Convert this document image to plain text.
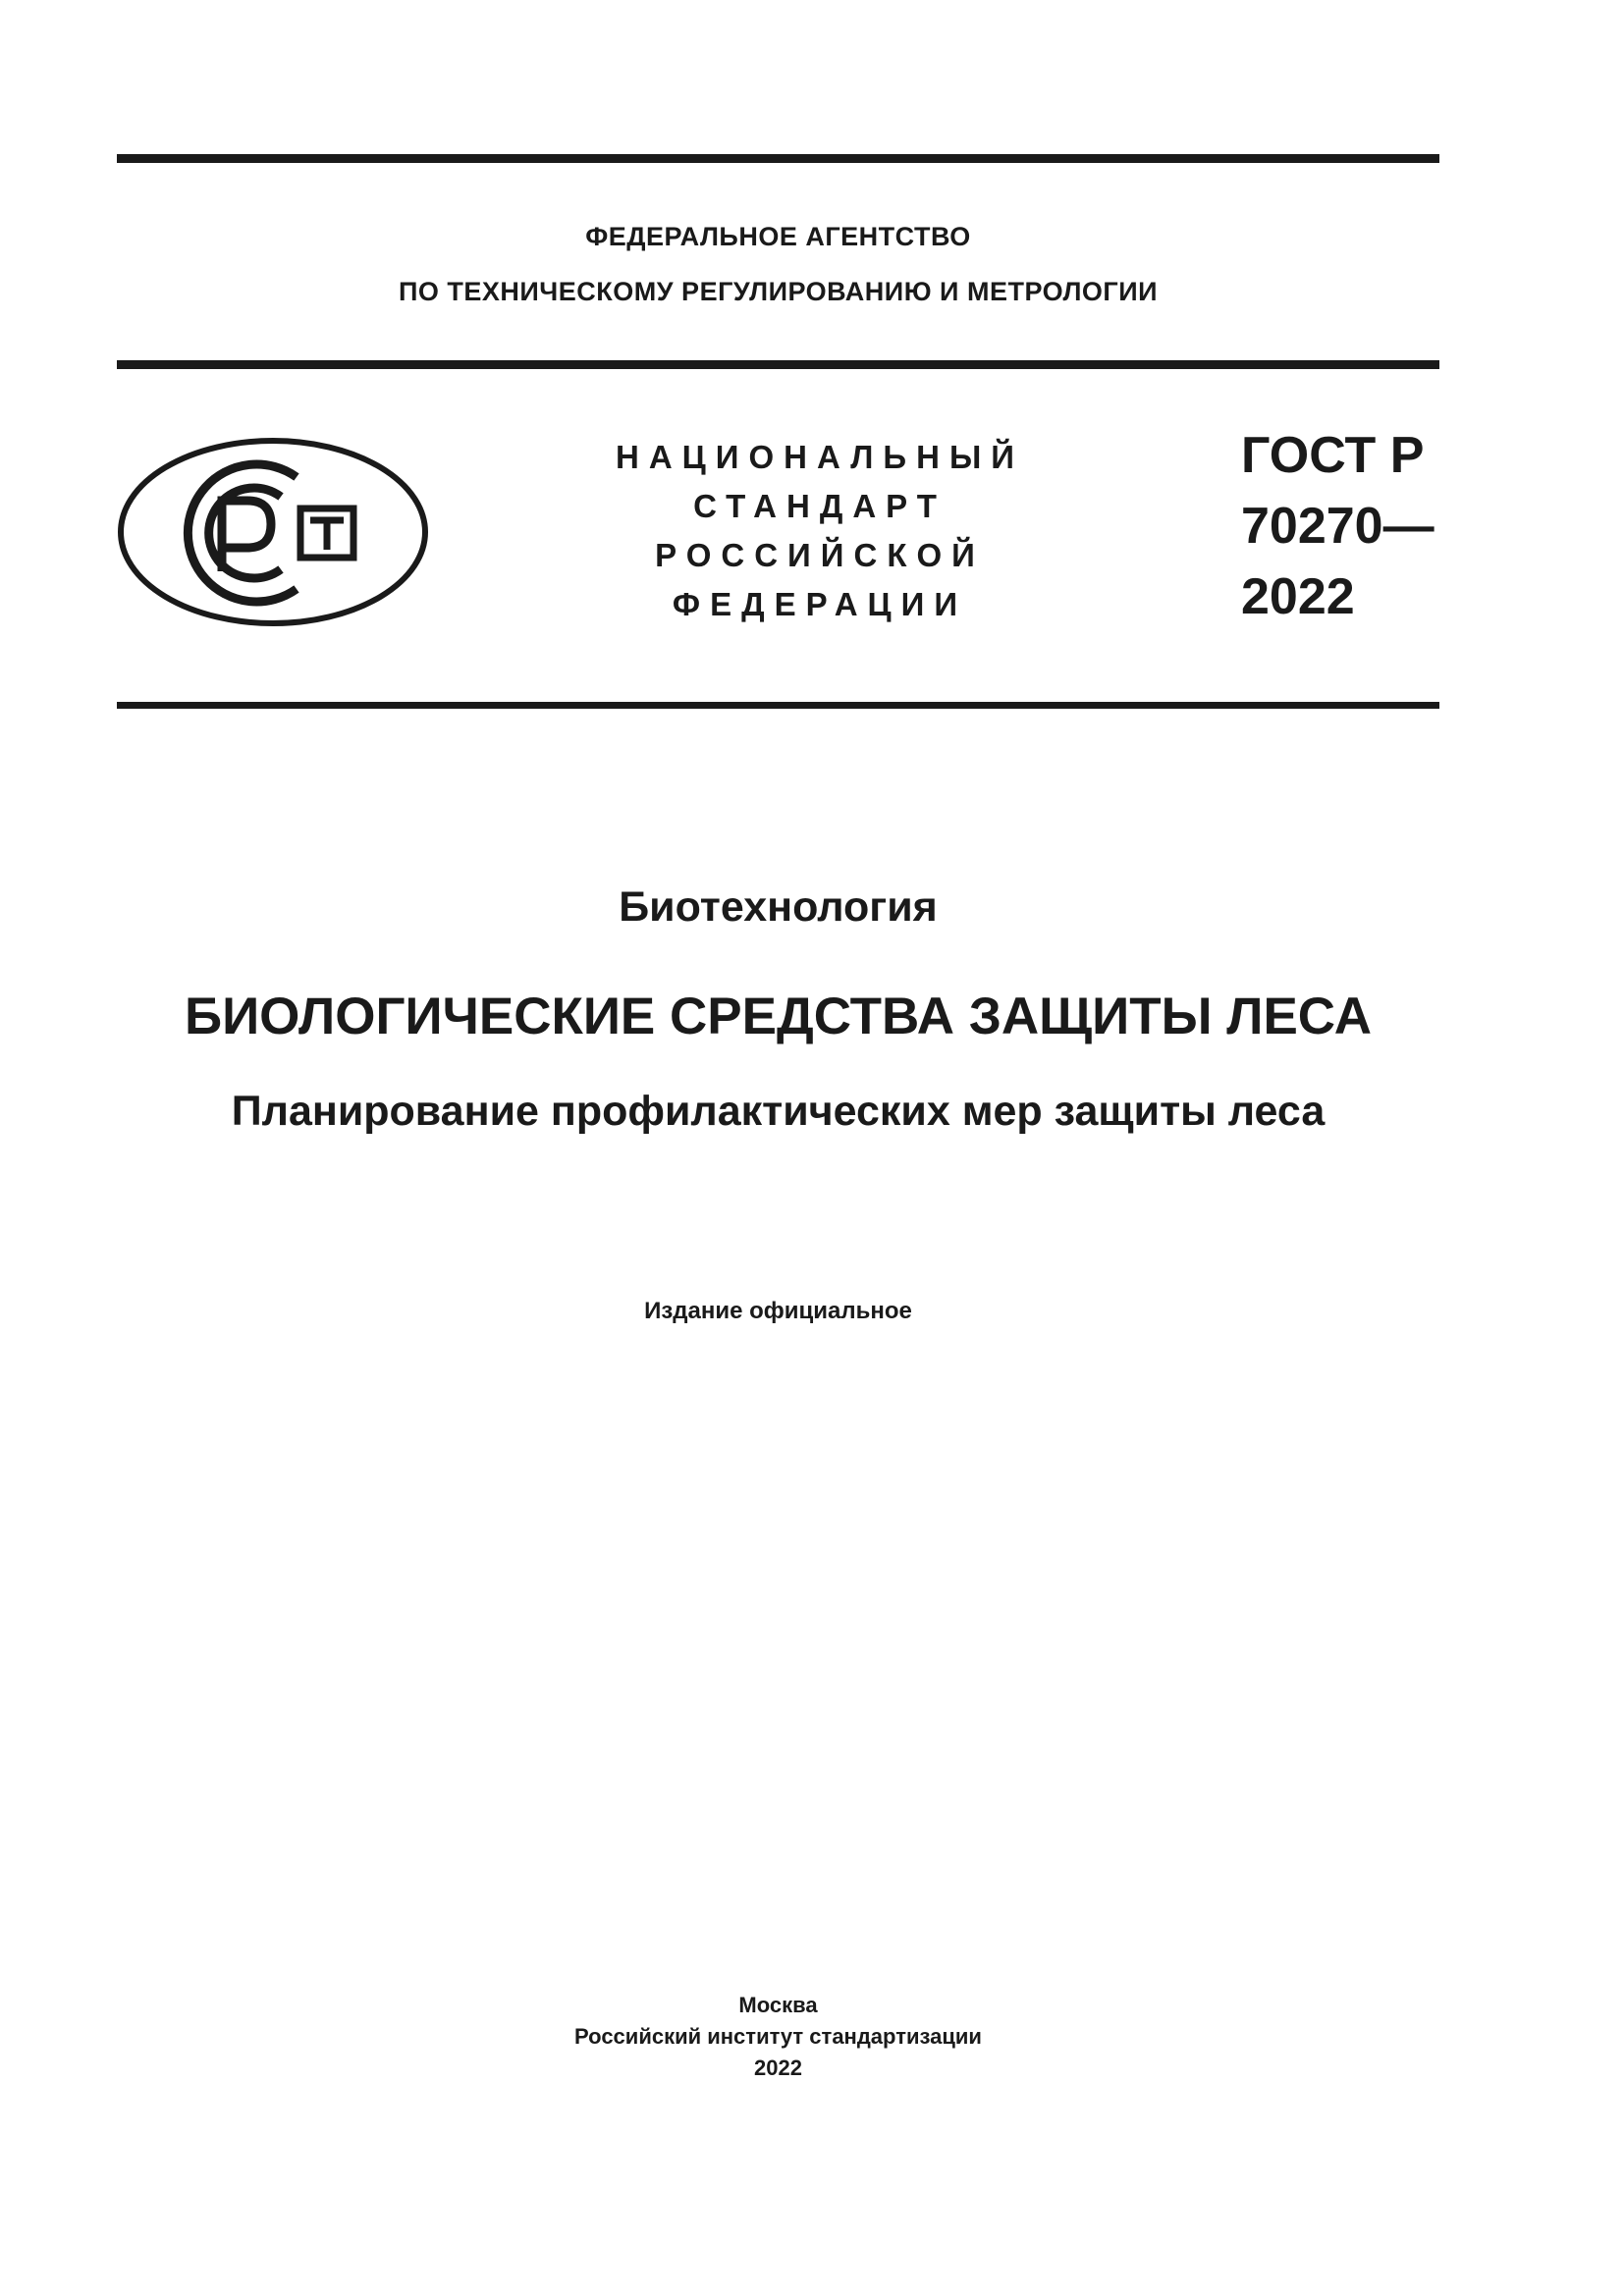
ФЕДЕРАЛЬНОЕ АГЕНТСТВО
ПО ТЕХНИЧЕСКОМУ РЕГУЛИРОВАНИЮ И МЕТРОЛОГИИ
НАЦИОНАЛЬНЫЙ
СТАНДАРТ
РОССИЙСКОЙ
ФЕДЕРАЦИИ
ГОСТ Р
70270—
2022
Биотехнология
БИОЛОГИЧЕСКИЕ СРЕДСТВА ЗАЩИТЫ ЛЕСА
Планирование профилактических мер защиты леса
Издание официальное
Москва
Российский институт стандартизации
2022
